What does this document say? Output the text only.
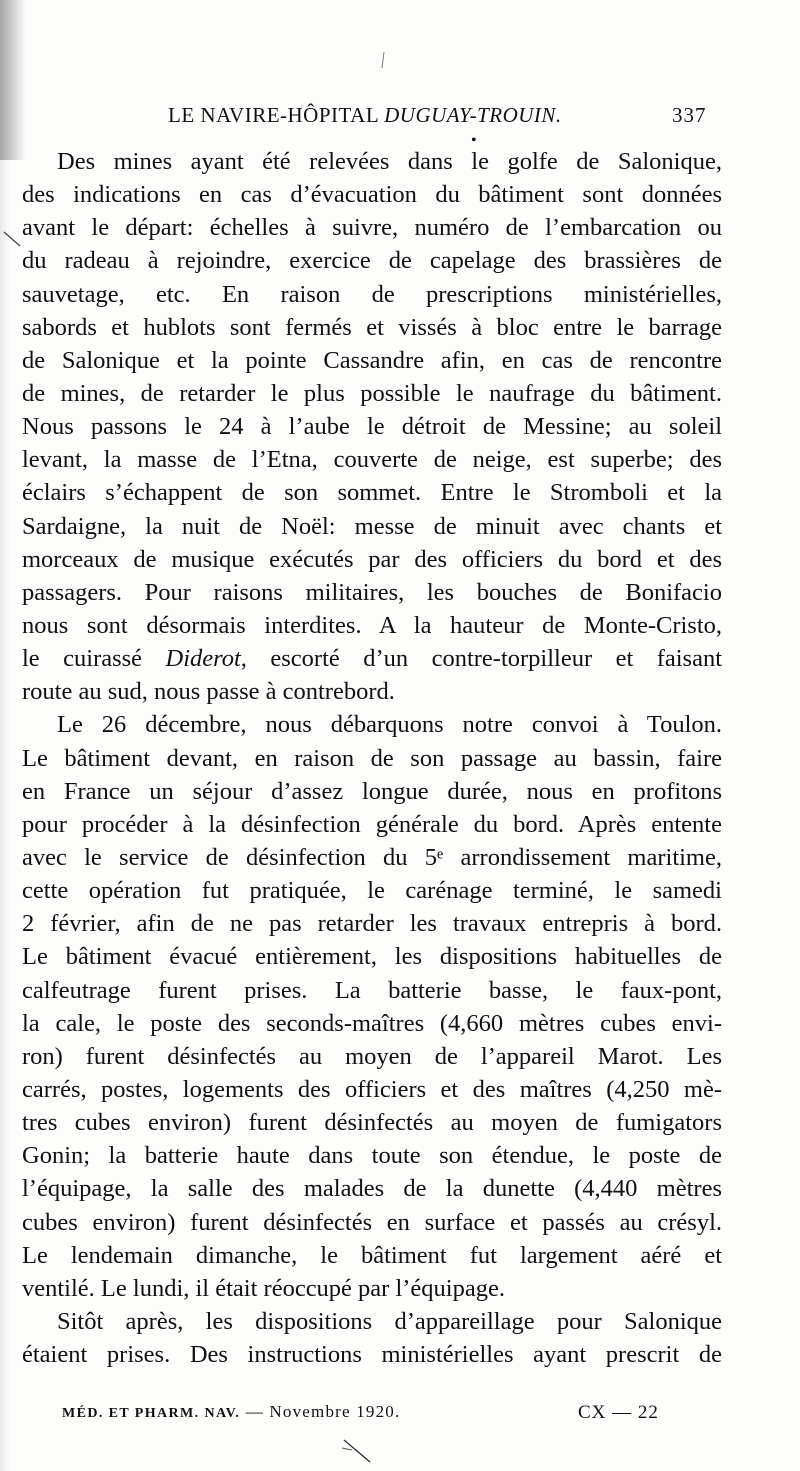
LE NAVIRE-HÔPITAL DUGUAY-TROUIN.	337
•
Des mines ayant été relevées dans le golfe de Salonique,
des indications en cas d’évacuation du bâtiment sont données
avant le départ: échelles à suivre, numéro de l’embarcation ou
du radeau à rejoindre, exercice de capelage des brassières de
sauvetage, etc. En raison de prescriptions ministérielles,
sabords et hublots sont fermés et vissés à bloc entre le barrage
de Salonique et la pointe Cassandre afin, en cas de rencontre
de mines, de retarder le plus possible le naufrage du bâtiment.
Nous passons le 24 à l’aube le détroit de Messine; au soleil
levant, la masse de l’Etna, couverte de neige, est superbe; des
éclairs s’échappent de son sommet. Entre le Stromboli et la
Sardaigne, la nuit de Noël: messe de minuit avec chants et
morceaux de musique exécutés par des officiers du bord et des
passagers. Pour raisons militaires, les bouches de Bonifacio
nous sont désormais interdites. A la hauteur de Monte-Cristo,
le cuirassé Diderot, escorté d’un contre-torpilleur et faisant
route au sud, nous passe à contrebord.
Le 26 décembre, nous débarquons notre convoi à Toulon.
Le bâtiment devant, en raison de son passage au bassin, faire
en France un séjour d’assez longue durée, nous en profitons
pour procéder à la désinfection générale du bord. Après entente
avec le service de désinfection du 5ᵉ arrondissement maritime,
cette opération fut pratiquée, le carénage terminé, le samedi
2 février, afin de ne pas retarder les travaux entrepris à bord.
Le bâtiment évacué entièrement, les dispositions habituelles de
calfeutrage furent prises. La batterie basse, le faux-pont,
la cale, le poste des seconds-maîtres (4,660 mètres cubes envi-
ron) furent désinfectés au moyen de l’appareil Marot. Les
carrés, postes, logements des officiers et des maîtres (4,250 mè-
tres cubes environ) furent désinfectés au moyen de fumigators
Gonin; la batterie haute dans toute son étendue, le poste de
l’équipage, la salle des malades de la dunette (4,440 mètres
cubes environ) furent désinfectés en surface et passés au crésyl.
Le lendemain dimanche, le bâtiment fut largement aéré et
ventilé. Le lundi, il était réoccupé par l’équipage.
Sitôt après, les dispositions d’appareillage pour Salonique
étaient prises. Des instructions ministérielles ayant prescrit de
MÉD. ET PHARM. NAV. — Novembre 1920.	CX — 22
